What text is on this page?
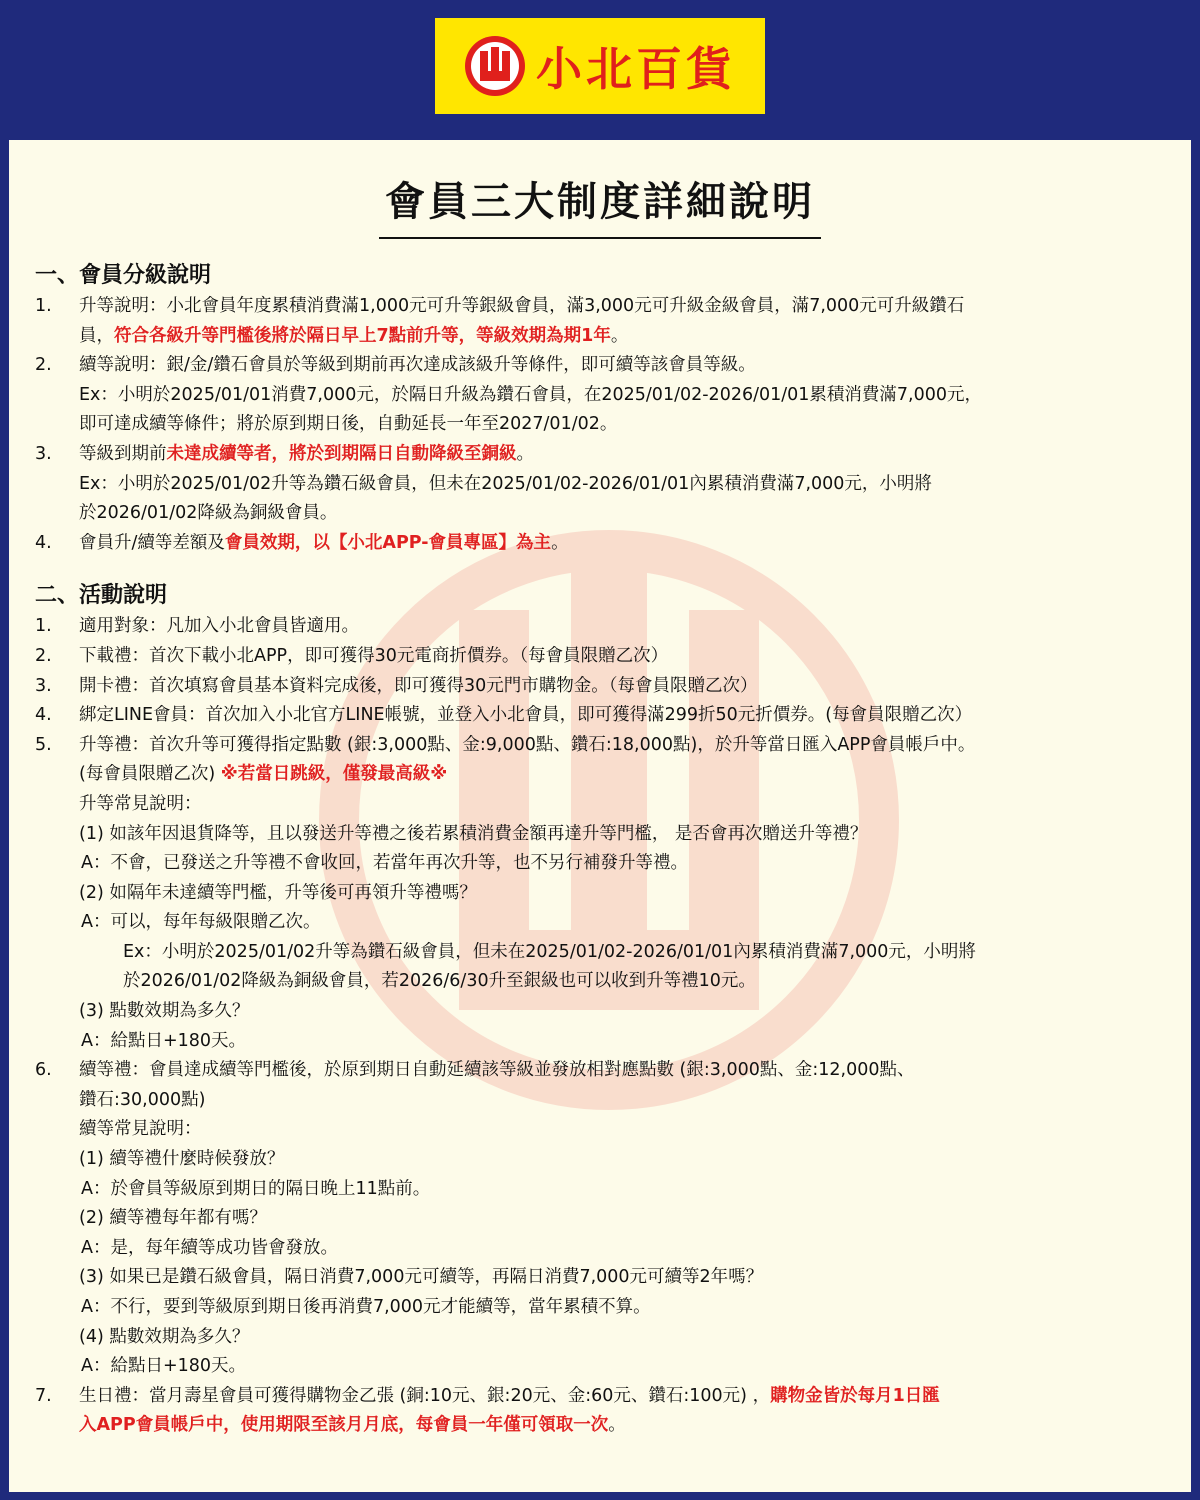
小北百貨
會員三大制度詳細說明
一、會員分級說明
1. 升等說明：小北會員年度累積消費滿1,000元可升等銀級會員，滿3,000元可升級金級會員，滿7,000元可升級鑽石
員，符合各級升等門檻後將於隔日早上7點前升等，等級效期為期1年。
2. 續等說明：銀/金/鑽石會員於等級到期前再次達成該級升等條件，即可續等該會員等級。
Ex：小明於2025/01/01消費7,000元，於隔日升級為鑽石會員，在2025/01/02-2026/01/01累積消費滿7,000元，
即可達成續等條件；將於原到期日後，自動延長一年至2027/01/02。
3. 等級到期前未達成續等者，將於到期隔日自動降級至銅級。
Ex：小明於2025/01/02升等為鑽石級會員，但未在2025/01/02-2026/01/01內累積消費滿7,000元，小明將
於2026/01/02降級為銅級會員。
4. 會員升/續等差額及會員效期，以【小北APP-會員專區】為主。
二、活動說明
1. 適用對象：凡加入小北會員皆適用。
2. 下載禮：首次下載小北APP，即可獲得30元電商折價券。（每會員限贈乙次）
3. 開卡禮：首次填寫會員基本資料完成後，即可獲得30元門市購物金。（每會員限贈乙次）
4. 綁定LINE會員：首次加入小北官方LINE帳號，並登入小北會員，即可獲得滿299折50元折價券。(每會員限贈乙次）
5. 升等禮：首次升等可獲得指定點數 (銀:3,000點、金:9,000點、鑽石:18,000點)，於升等當日匯入APP會員帳戶中。
(每會員限贈乙次) ※若當日跳級，僅發最高級※
升等常見說明：
(1) 如該年因退貨降等，且以發送升等禮之後若累積消費金額再達升等門檻， 是否會再次贈送升等禮？
A：不會，已發送之升等禮不會收回，若當年再次升等，也不另行補發升等禮。
(2) 如隔年未達續等門檻，升等後可再領升等禮嗎？
A：可以，每年每級限贈乙次。
Ex：小明於2025/01/02升等為鑽石級會員，但未在2025/01/02-2026/01/01內累積消費滿7,000元，小明將
於2026/01/02降級為銅級會員，若2026/6/30升至銀級也可以收到升等禮10元。
(3) 點數效期為多久？
A：給點日+180天。
6. 續等禮：會員達成續等門檻後，於原到期日自動延續該等級並發放相對應點數 (銀:3,000點、金:12,000點、
鑽石:30,000點)
續等常見說明：
(1) 續等禮什麼時候發放？
A：於會員等級原到期日的隔日晚上11點前。
(2) 續等禮每年都有嗎？
A：是，每年續等成功皆會發放。
(3) 如果已是鑽石級會員，隔日消費7,000元可續等，再隔日消費7,000元可續等2年嗎？
A：不行，要到等級原到期日後再消費7,000元才能續等，當年累積不算。
(4) 點數效期為多久？
A：給點日+180天。
7. 生日禮：當月壽星會員可獲得購物金乙張 (銅:10元、銀:20元、金:60元、鑽石:100元) ，購物金皆於每月1日匯
入APP會員帳戶中，使用期限至該月月底，每會員一年僅可領取一次。
